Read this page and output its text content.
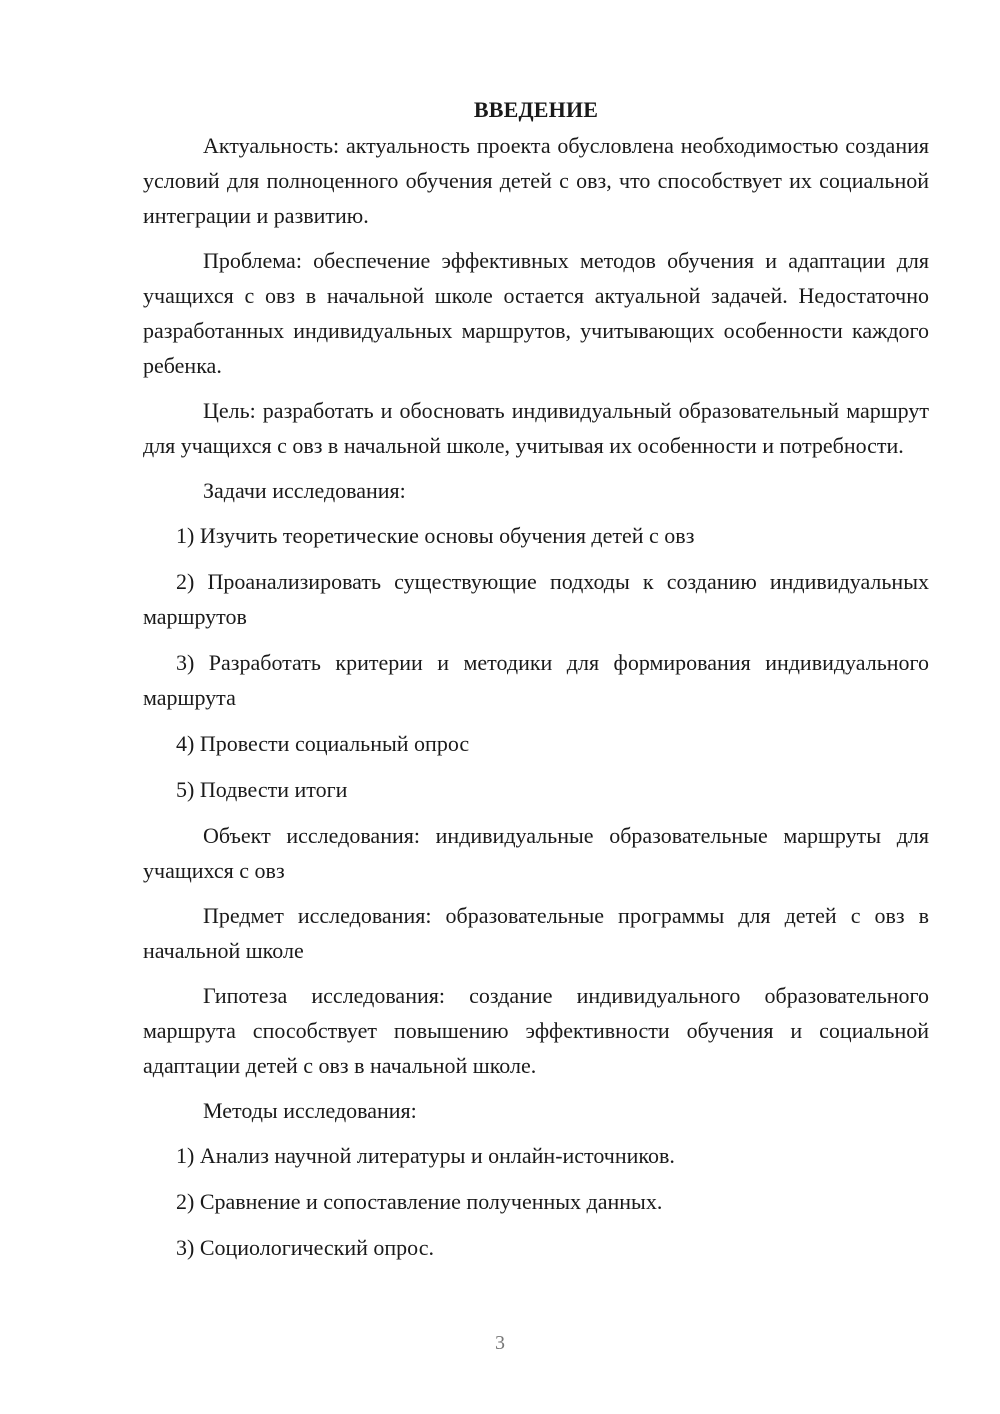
ВВЕДЕНИЕ

Актуальность: актуальность проекта обусловлена необходимостью создания условий для полноценного обучения детей с овз, что способствует их социальной интеграции и развитию.

Проблема: обеспечение эффективных методов обучения и адаптации для учащихся с овз в начальной школе остается актуальной задачей. Недостаточно разработанных индивидуальных маршрутов, учитывающих особенности каждого ребенка.

Цель: разработать и обосновать индивидуальный образовательный маршрут для учащихся с овз в начальной школе, учитывая их особенности и потребности.

Задачи исследования:

1) Изучить теоретические основы обучения детей с овз

2) Проанализировать существующие подходы к созданию индивидуальных маршрутов

3) Разработать критерии и методики для формирования индивидуального маршрута

4) Провести социальный опрос

5) Подвести итоги

Объект исследования: индивидуальные образовательные маршруты для учащихся с овз

Предмет исследования: образовательные программы для детей с овз в начальной школе

Гипотеза исследования: создание индивидуального образовательного маршрута способствует повышению эффективности обучения и социальной адаптации детей с овз в начальной школе.

Методы исследования:

1) Анализ научной литературы и онлайн-источников.

2) Сравнение и сопоставление полученных данных.

3) Социологический опрос.

3
